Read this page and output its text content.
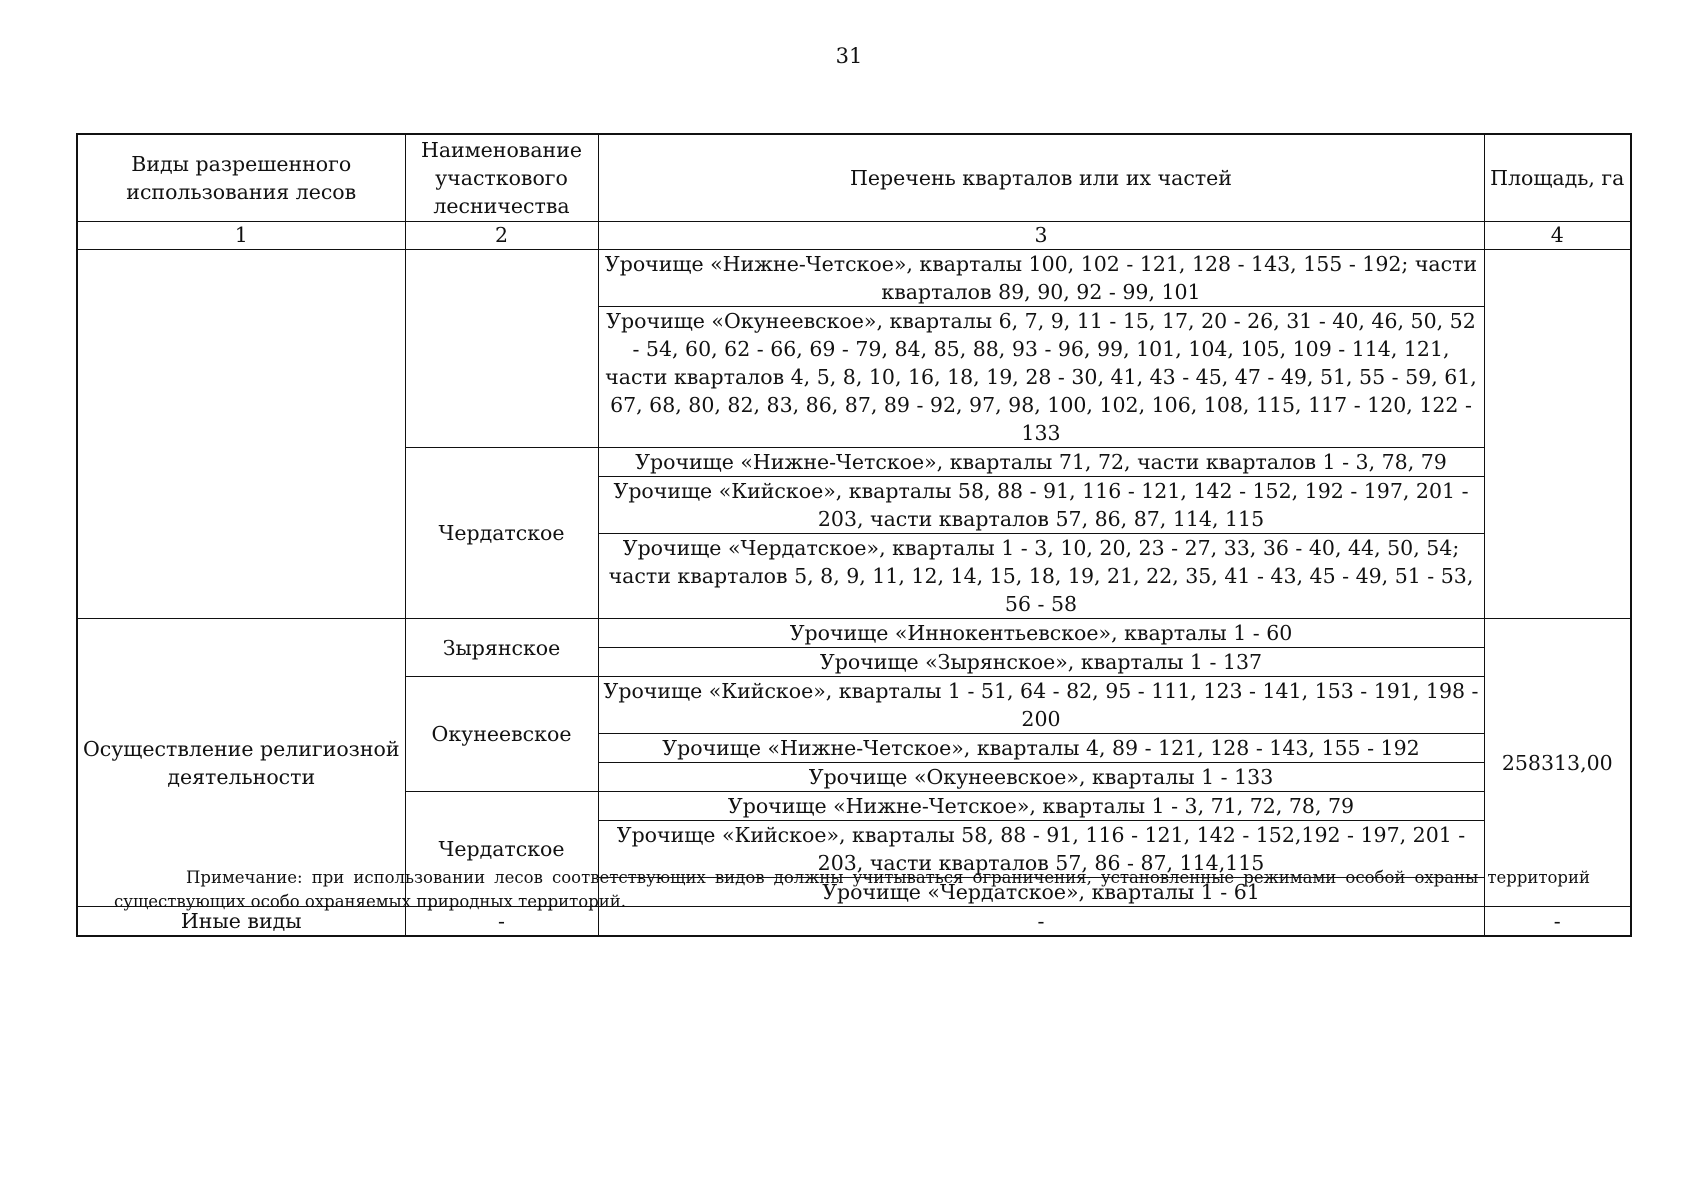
31
Виды разрешенного использования лесов	Наименование участкового лесничества	Перечень кварталов или их частей	Площадь, га
1	2	3	4
		Урочище «Нижне-Четское», кварталы 100, 102 - 121, 128 - 143, 155 - 192; части кварталов 89, 90, 92 - 99, 101	
		Урочище «Окунеевское», кварталы 6, 7, 9, 11 - 15, 17, 20 - 26, 31 - 40, 46, 50, 52 - 54, 60, 62 - 66, 69 - 79, 84, 85, 88, 93 - 96, 99, 101, 104, 105, 109 - 114, 121, части кварталов 4, 5, 8, 10, 16, 18, 19, 28 - 30, 41, 43 - 45, 47 - 49, 51, 55 - 59, 61, 67, 68, 80, 82, 83, 86, 87, 89 - 92, 97, 98, 100, 102, 106, 108, 115, 117 - 120, 122 - 133	
	Чердатское	Урочище «Нижне-Четское», кварталы 71, 72, части кварталов 1 - 3, 78, 79	
		Урочище «Кийское», кварталы 58, 88 - 91, 116 - 121, 142 - 152, 192 - 197, 201 - 203, части кварталов 57, 86, 87, 114, 115	
		Урочище «Чердатское», кварталы 1 - 3, 10, 20, 23 - 27, 33, 36 - 40, 44, 50, 54; части кварталов 5, 8, 9, 11, 12, 14, 15, 18, 19, 21, 22, 35, 41 - 43, 45 - 49, 51 - 53, 56 - 58	
Осуществление религиозной деятельности	Зырянское	Урочище «Иннокентьевское», кварталы 1 - 60	258313,00
		Урочище «Зырянское», кварталы 1 - 137	
	Окунеевское	Урочище «Кийское», кварталы 1 - 51, 64 - 82, 95 - 111, 123 - 141, 153 - 191, 198 - 200	
		Урочище «Нижне-Четское», кварталы 4, 89 - 121, 128 - 143, 155 - 192	
		Урочище «Окунеевское», кварталы 1 - 133	
	Чердатское	Урочище «Нижне-Четское», кварталы 1 - 3, 71, 72, 78, 79	
		Урочище «Кийское», кварталы 58, 88 - 91, 116 - 121, 142 - 152,192 - 197, 201 - 203, части кварталов 57, 86 - 87, 114,115	
		Урочище «Чердатское», кварталы 1 - 61	
Иные виды	-	-	-
Примечание: при использовании лесов соответствующих видов должны учитываться ограничения, установленные режимами особой охраны территорий существующих особо охраняемых природных территорий.
